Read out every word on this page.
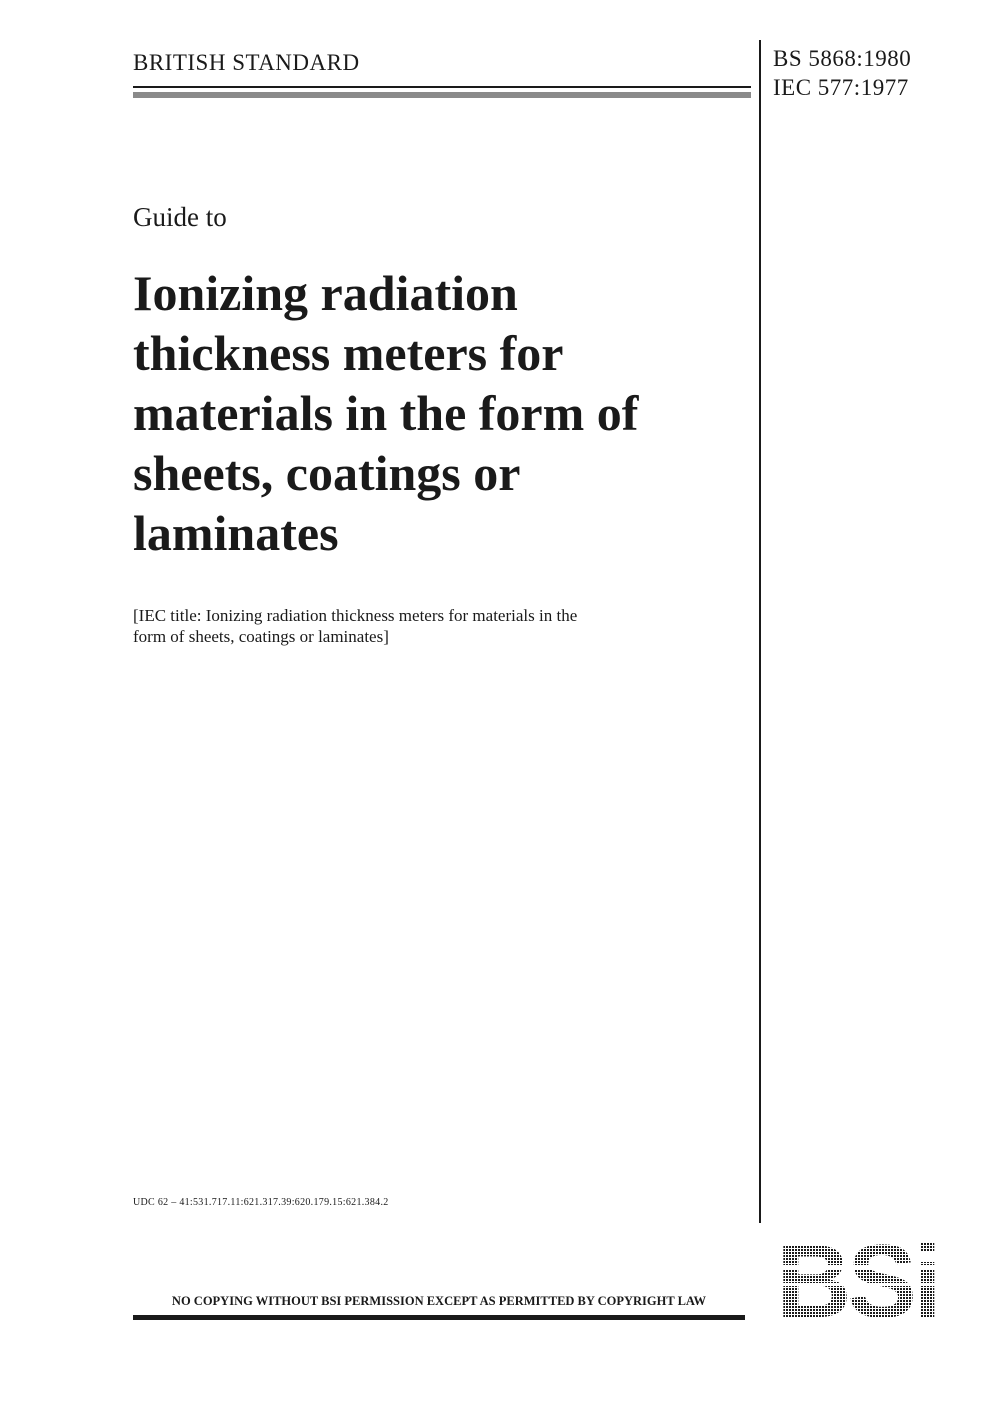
BRITISH STANDARD	BS 5868:1980
IEC 577:1977
Guide to
Ionizing radiation
thickness meters for
materials in the form of
sheets, coatings or
laminates
[IEC title: Ionizing radiation thickness meters for materials in the
form of sheets, coatings or laminates]
UDC 62 – 41:531.717.11:621.317.39:620.179.15:621.384.2
NO COPYING WITHOUT BSI PERMISSION EXCEPT AS PERMITTED BY COPYRIGHT LAW
